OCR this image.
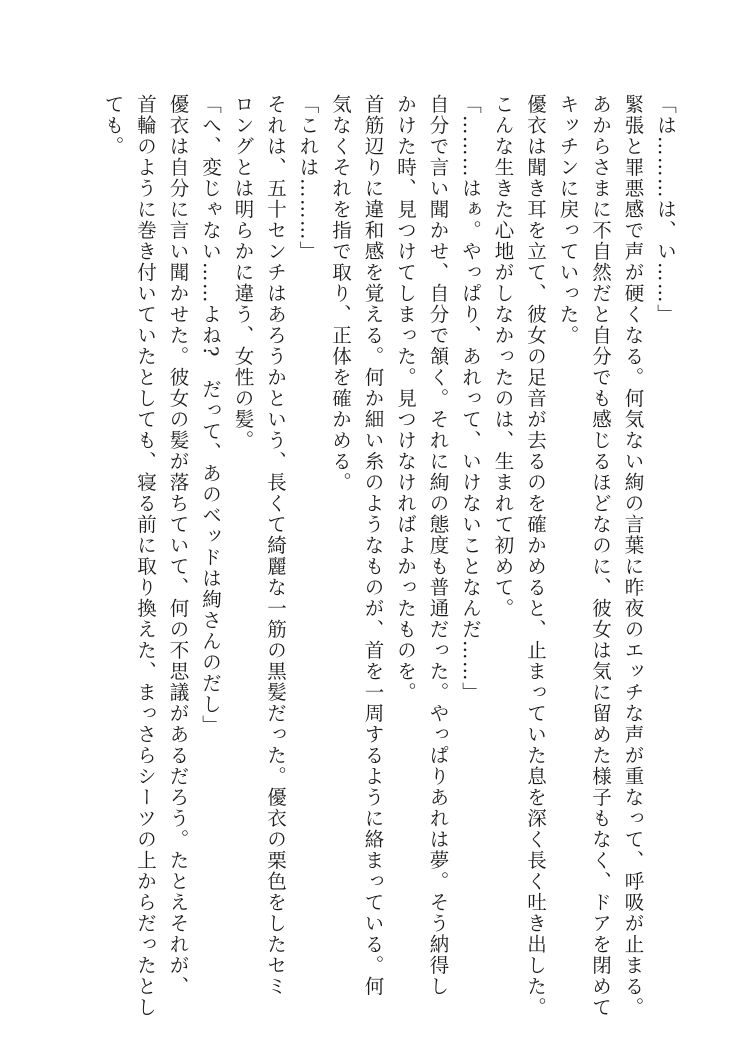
「は………は、い……」

緊張と罪悪感で声が硬くなる。何気ない絢の言葉に昨夜のエッチな声が重なって、呼吸が止まる。

あからさまに不自然だと自分でも感じるほどなのに、彼女は気に留めた様子もなく、ドアを閉めて

キッチンに戻っていった。

優衣は聞き耳を立て、彼女の足音が去るのを確かめると、止まっていた息を深く長く吐き出した。

こんな生きた心地がしなかったのは、生まれて初めて。

「………はぁ。やっぱり、あれって、いけないことなんだ……」

自分で言い聞かせ、自分で頷く。それに絢の態度も普通だった。やっぱりあれは夢。そう納得し

かけた時、見つけてしまった。見つけなければよかったものを。

首筋辺りに違和感を覚える。何か細い糸のようなものが、首を一周するように絡まっている。何

気なくそれを指で取り、正体を確かめる。

「これは………」

それは、五十センチはあろうかという、長くて綺麗な一筋の黒髪だった。優衣の栗色をしたセミ

ロングとは明らかに違う、女性の髪。

「へ、変じゃない……よね?　だって、あのベッドは絢さんのだし」

優衣は自分に言い聞かせた。彼女の髪が落ちていて、何の不思議があるだろう。たとえそれが、

首輪のように巻き付いていたとしても、寝る前に取り換えた、まっさらシーツの上からだったとし

ても。
